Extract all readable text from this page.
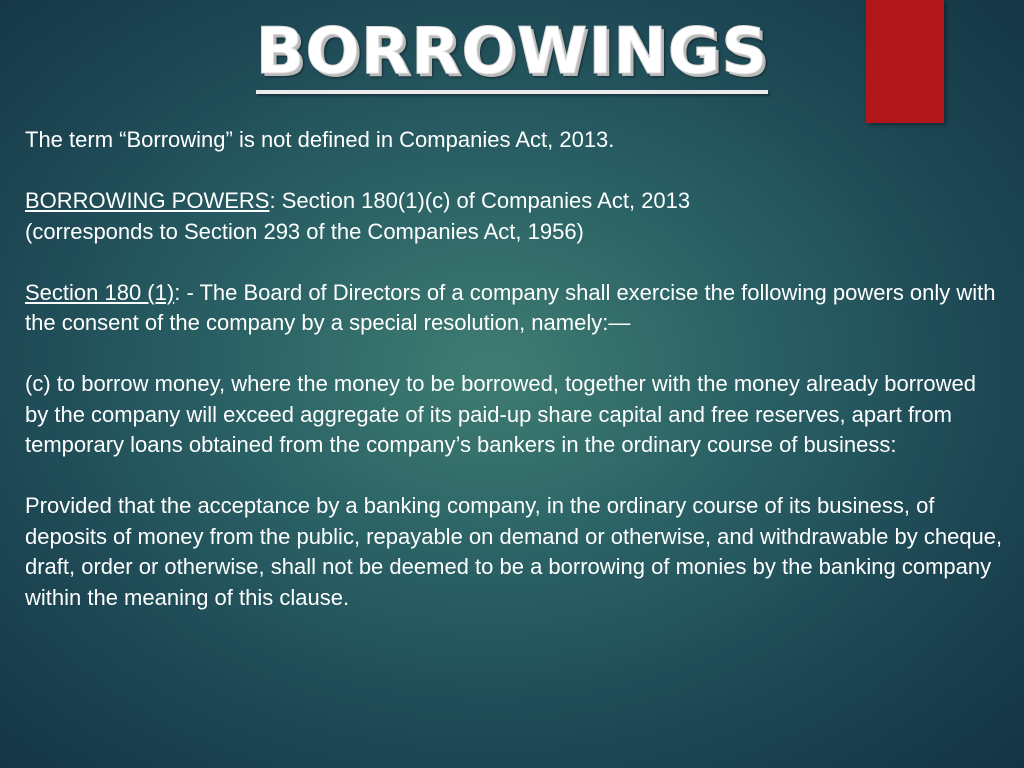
BORROWINGS

The term “Borrowing” is not defined in Companies Act, 2013.

BORROWING POWERS: Section 180(1)(c) of Companies Act, 2013
(corresponds to Section 293 of the Companies Act, 1956)

Section 180 (1): - The Board of Directors of a company shall exercise the following powers only with the consent of the company by a special resolution, namely:—

(c) to borrow money, where the money to be borrowed, together with the money already borrowed by the company will exceed aggregate of its paid-up share capital and free reserves, apart from temporary loans obtained from the company’s bankers in the ordinary course of business:

Provided that the acceptance by a banking company, in the ordinary course of its business, of deposits of money from the public, repayable on demand or otherwise, and withdrawable by cheque, draft, order or otherwise, shall not be deemed to be a borrowing of monies by the banking company within the meaning of this clause.
